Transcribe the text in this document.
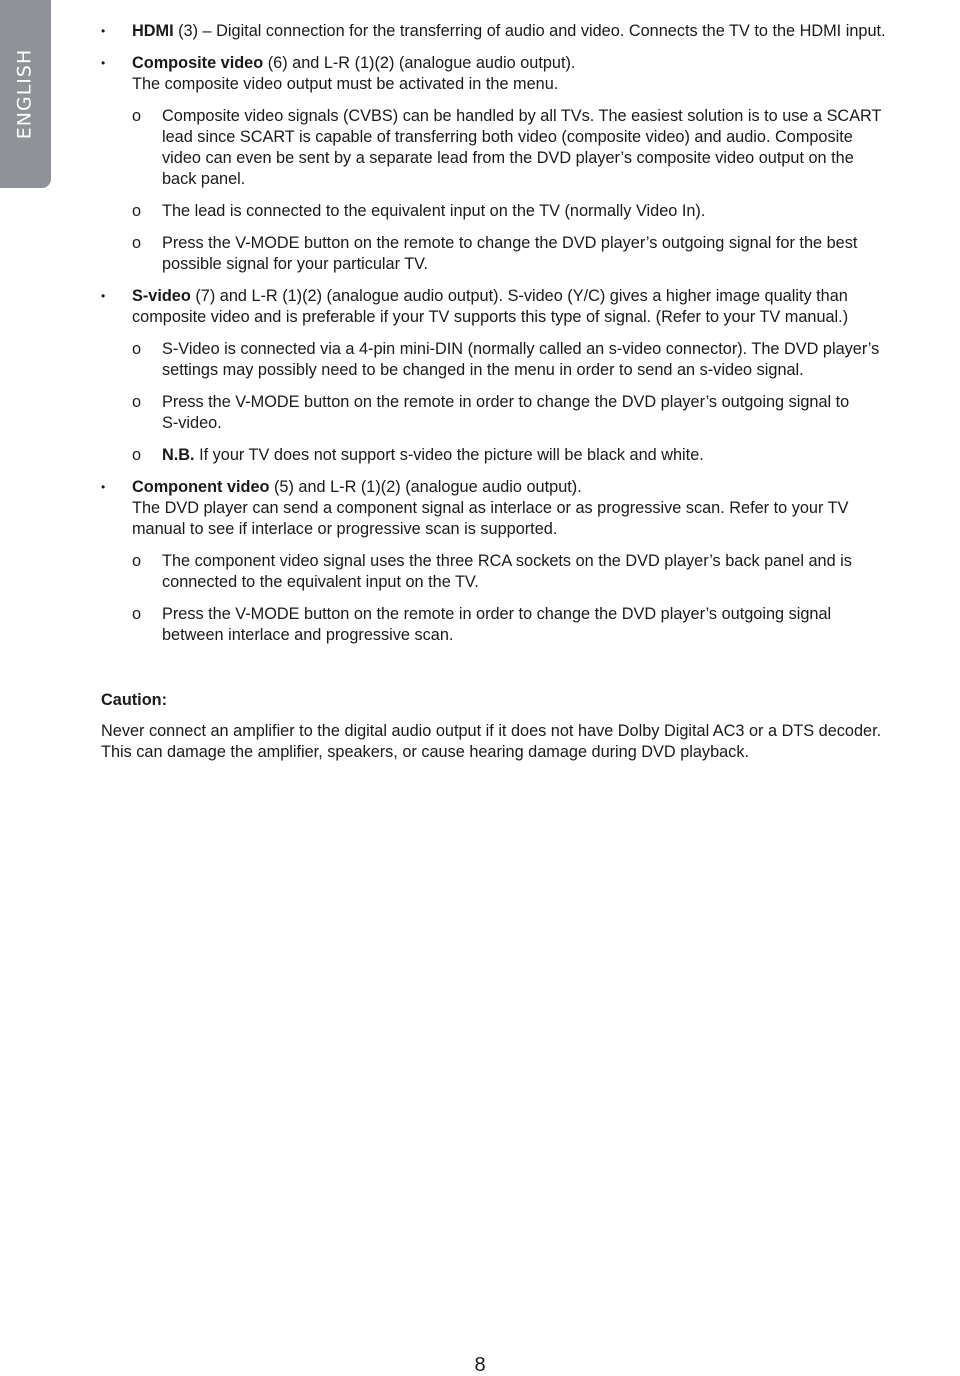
ENGLISH
• HDMI (3) – Digital connection for the transferring of audio and video. Connects the TV to the HDMI input.
• Composite video (6) and L-R (1)(2) (analogue audio output).
The composite video output must be activated in the menu.
o Composite video signals (CVBS) can be handled by all TVs. The easiest solution is to use a SCART
lead since SCART is capable of transferring both video (composite video) and audio. Composite
video can even be sent by a separate lead from the DVD player’s composite video output on the
back panel.
o The lead is connected to the equivalent input on the TV (normally Video In).
o Press the V-MODE button on the remote to change the DVD player’s outgoing signal for the best
possible signal for your particular TV.
• S-video (7) and L-R (1)(2) (analogue audio output). S-video (Y/C) gives a higher image quality than
composite video and is preferable if your TV supports this type of signal. (Refer to your TV manual.)
o S-Video is connected via a 4-pin mini-DIN (normally called an s-video connector). The DVD player’s
settings may possibly need to be changed in the menu in order to send an s-video signal.
o Press the V-MODE button on the remote in order to change the DVD player’s outgoing signal to
S-video.
o N.B. If your TV does not support s-video the picture will be black and white.
• Component video (5) and L-R (1)(2) (analogue audio output).
The DVD player can send a component signal as interlace or as progressive scan. Refer to your TV
manual to see if interlace or progressive scan is supported.
o The component video signal uses the three RCA sockets on the DVD player’s back panel and is
connected to the equivalent input on the TV.
o Press the V-MODE button on the remote in order to change the DVD player’s outgoing signal
between interlace and progressive scan.
Caution:
Never connect an amplifier to the digital audio output if it does not have Dolby Digital AC3 or a DTS decoder.
This can damage the amplifier, speakers, or cause hearing damage during DVD playback.
8
